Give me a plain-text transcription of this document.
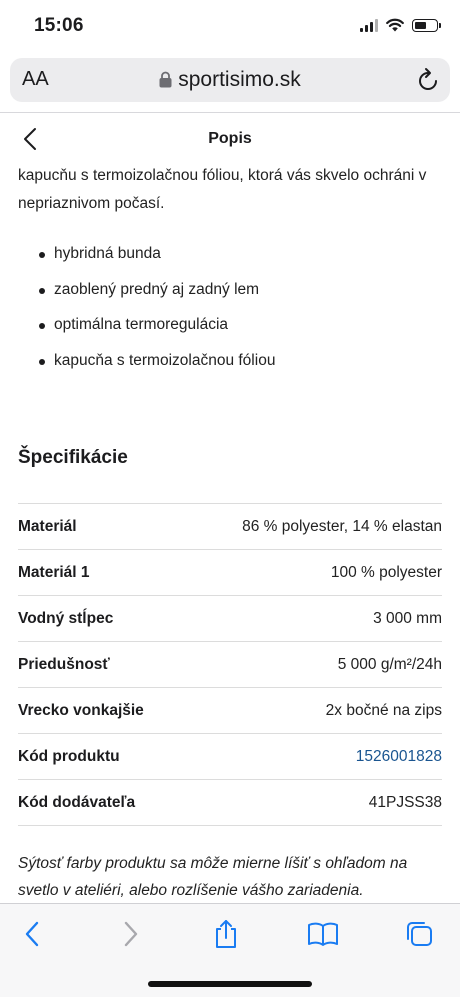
15:06
AA	sportisimo.sk
Popis
kapucňu s termoizolačnou fóliou, ktorá vás skvelo ochráni v nepriaznivom počasí.
hybridná bunda
zaoblený predný aj zadný lem
optimálna termoregulácia
kapucňa s termoizolačnou fóliou
Špecifikácie
Materiál	86 % polyester, 14 % elastan
Materiál 1	100 % polyester
Vodný stĺpec	3 000 mm
Priedušnosť	5 000 g/m²/24h
Vrecko vonkajšie	2x bočné na zips
Kód produktu	1526001828
Kód dodávateľa	41PJSS38
Sýtosť farby produktu sa môže mierne líšiť s ohľadom na svetlo v ateliéri, alebo rozlíšenie vášho zariadenia.
